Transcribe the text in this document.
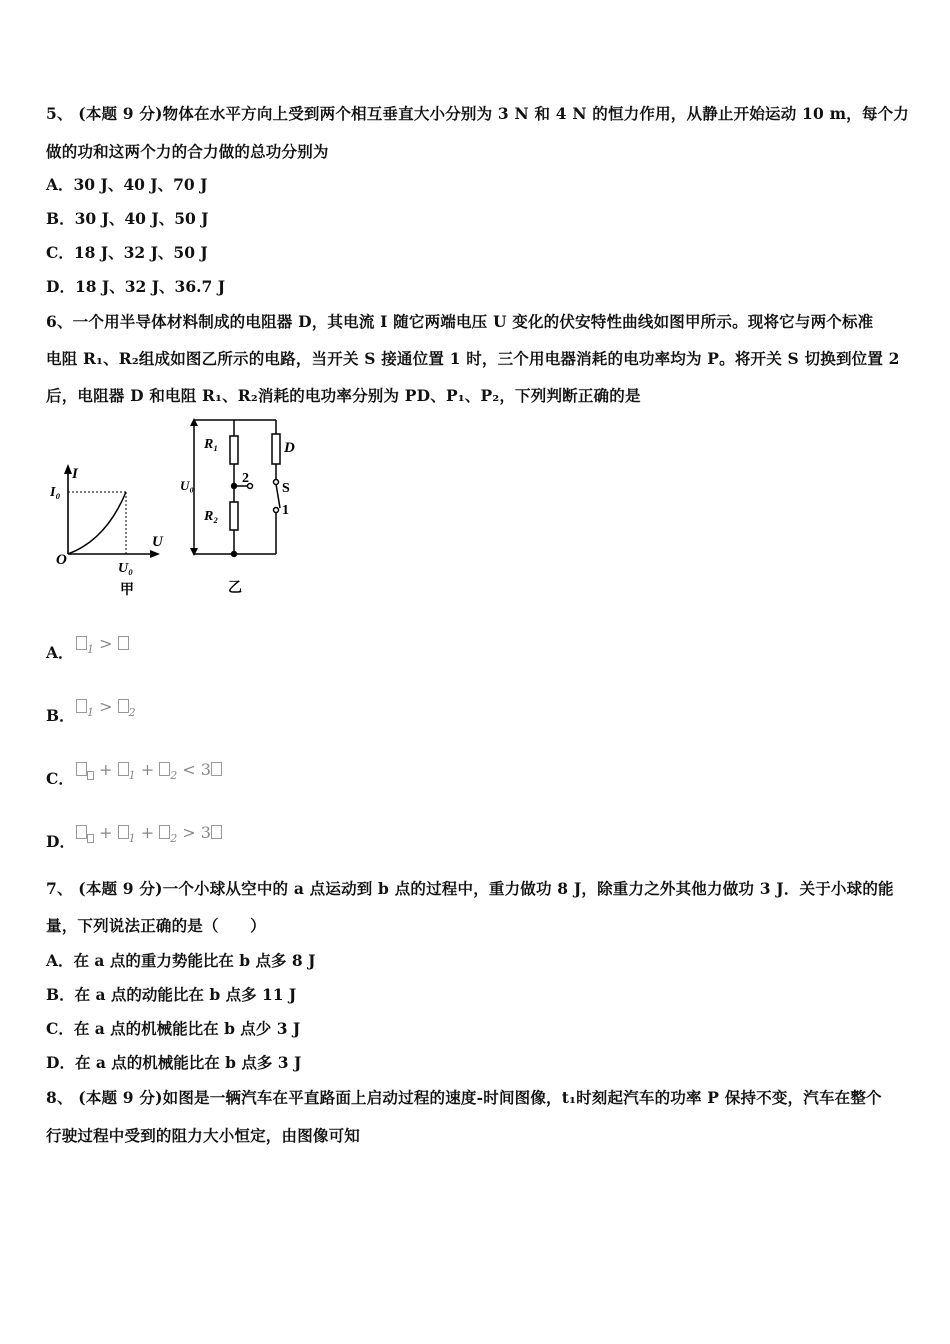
5、 (本题 9 分)物体在水平方向上受到两个相互垂直大小分别为 3 N 和 4 N 的恒力作用，从静止开始运动 10 m，每个力
做的功和这两个力的合力做的总功分别为
A．30 J、40 J、70 J
B．30 J、40 J、50 J
C．18 J、32 J、50 J
D．18 J、32 J、36.7 J
6、一个用半导体材料制成的电阻器 D，其电流 I 随它两端电压 U 变化的伏安特性曲线如图甲所示。现将它与两个标准
电阻 R₁、R₂组成如图乙所示的电路，当开关 S 接通位置 1 时，三个用电器消耗的电功率均为 P。将开关 S 切换到位置 2
后，电阻器 D 和电阻 R₁、R₂消耗的电功率分别为 PD、P₁、P₂，下列判断正确的是
I
I₀
U
U₀
O
甲
R₁
R₂
D
U₀	2
S
1
乙
A．	$_1$ >
B．	$_1$ > $_2$
C．	+ $_1$ + $_2$ < 3
D．	+ $_1$ + $_2$ > 3
7、 (本题 9 分)一个小球从空中的 a 点运动到 b 点的过程中，重力做功 8 J，除重力之外其他力做功 3 J．关于小球的能
量，下列说法正确的是（　　）
A．在 a 点的重力势能比在 b 点多 8 J
B．在 a 点的动能比在 b 点多 11 J
C．在 a 点的机械能比在 b 点少 3 J
D．在 a 点的机械能比在 b 点多 3 J
8、 (本题 9 分)如图是一辆汽车在平直路面上启动过程的速度-时间图像，t₁时刻起汽车的功率 P 保持不变，汽车在整个
行驶过程中受到的阻力大小恒定，由图像可知
